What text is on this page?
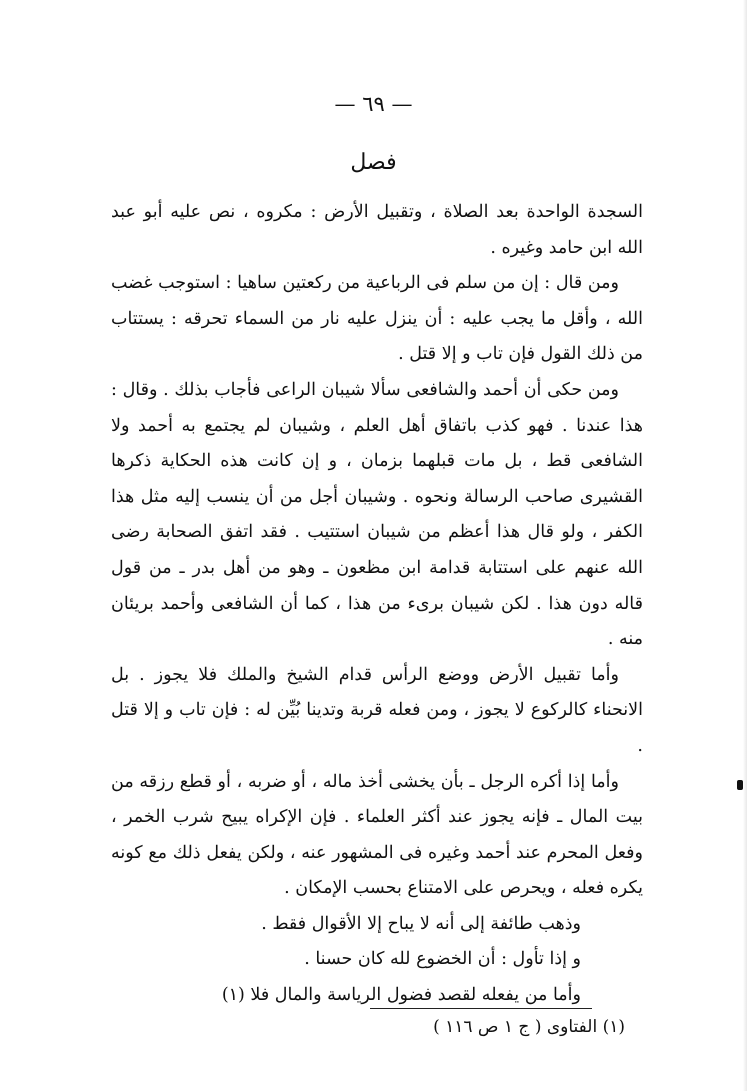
— ٦٩ —
فصل

السجدة الواحدة بعد الصلاة ، وتقبيل الأرض : مكروه ، نص عليه أبو عبد الله ابن حامد وغيره .

ومن قال : إن من سلم فى الرباعية من ركعتين ساهيا : استوجب غضب الله ، وأقل ما يجب عليه : أن ينزل عليه نار من السماء تحرقه : يستتاب من ذلك القول فإن تاب و إلا قتل .

ومن حكى أن أحمد والشافعى سألا شيبان الراعى فأجاب بذلك . وقال : هذا عندنا . فهو كذب باتفاق أهل العلم ، وشيبان لم يجتمع به أحمد ولا الشافعى قط ، بل مات قبلهما بزمان ، و إن كانت هذه الحكاية ذكرها القشيرى صاحب الرسالة ونحوه . وشيبان أجل من أن ينسب إليه مثل هذا الكفر ، ولو قال هذا أعظم من شيبان استتيب . فقد اتفق الصحابة رضى الله عنهم على استتابة قدامة ابن مظعون ـ وهو من أهل بدر ـ من قول قاله دون هذا . لكن شيبان برىء من هذا ، كما أن الشافعى وأحمد بريئان منه .

وأما تقبيل الأرض ووضع الرأس قدام الشيخ والملك فلا يجوز . بل الانحناء كالركوع لا يجوز ، ومن فعله قربة وتدينا بُيِّن له : فإن تاب و إلا قتل .

وأما إذا أكره الرجل ـ بأن يخشى أخذ ماله ، أو ضربه ، أو قطع رزقه من بيت المال ـ فإنه يجوز عند أكثر العلماء . فإن الإكراه يبيح شرب الخمر ، وفعل المحرم عند أحمد وغيره فى المشهور عنه ، ولكن يفعل ذلك مع كونه يكره فعله ، ويحرص على الامتناع بحسب الإمكان .

وذهب طائفة إلى أنه لا يباح إلا الأقوال فقط .

و إذا تأول : أن الخضوع لله كان حسنا .

وأما من يفعله لقصد فضول الرياسة والمال فلا (١)

(١) الفتاوى ( ج ١ ص ١١٦ )
